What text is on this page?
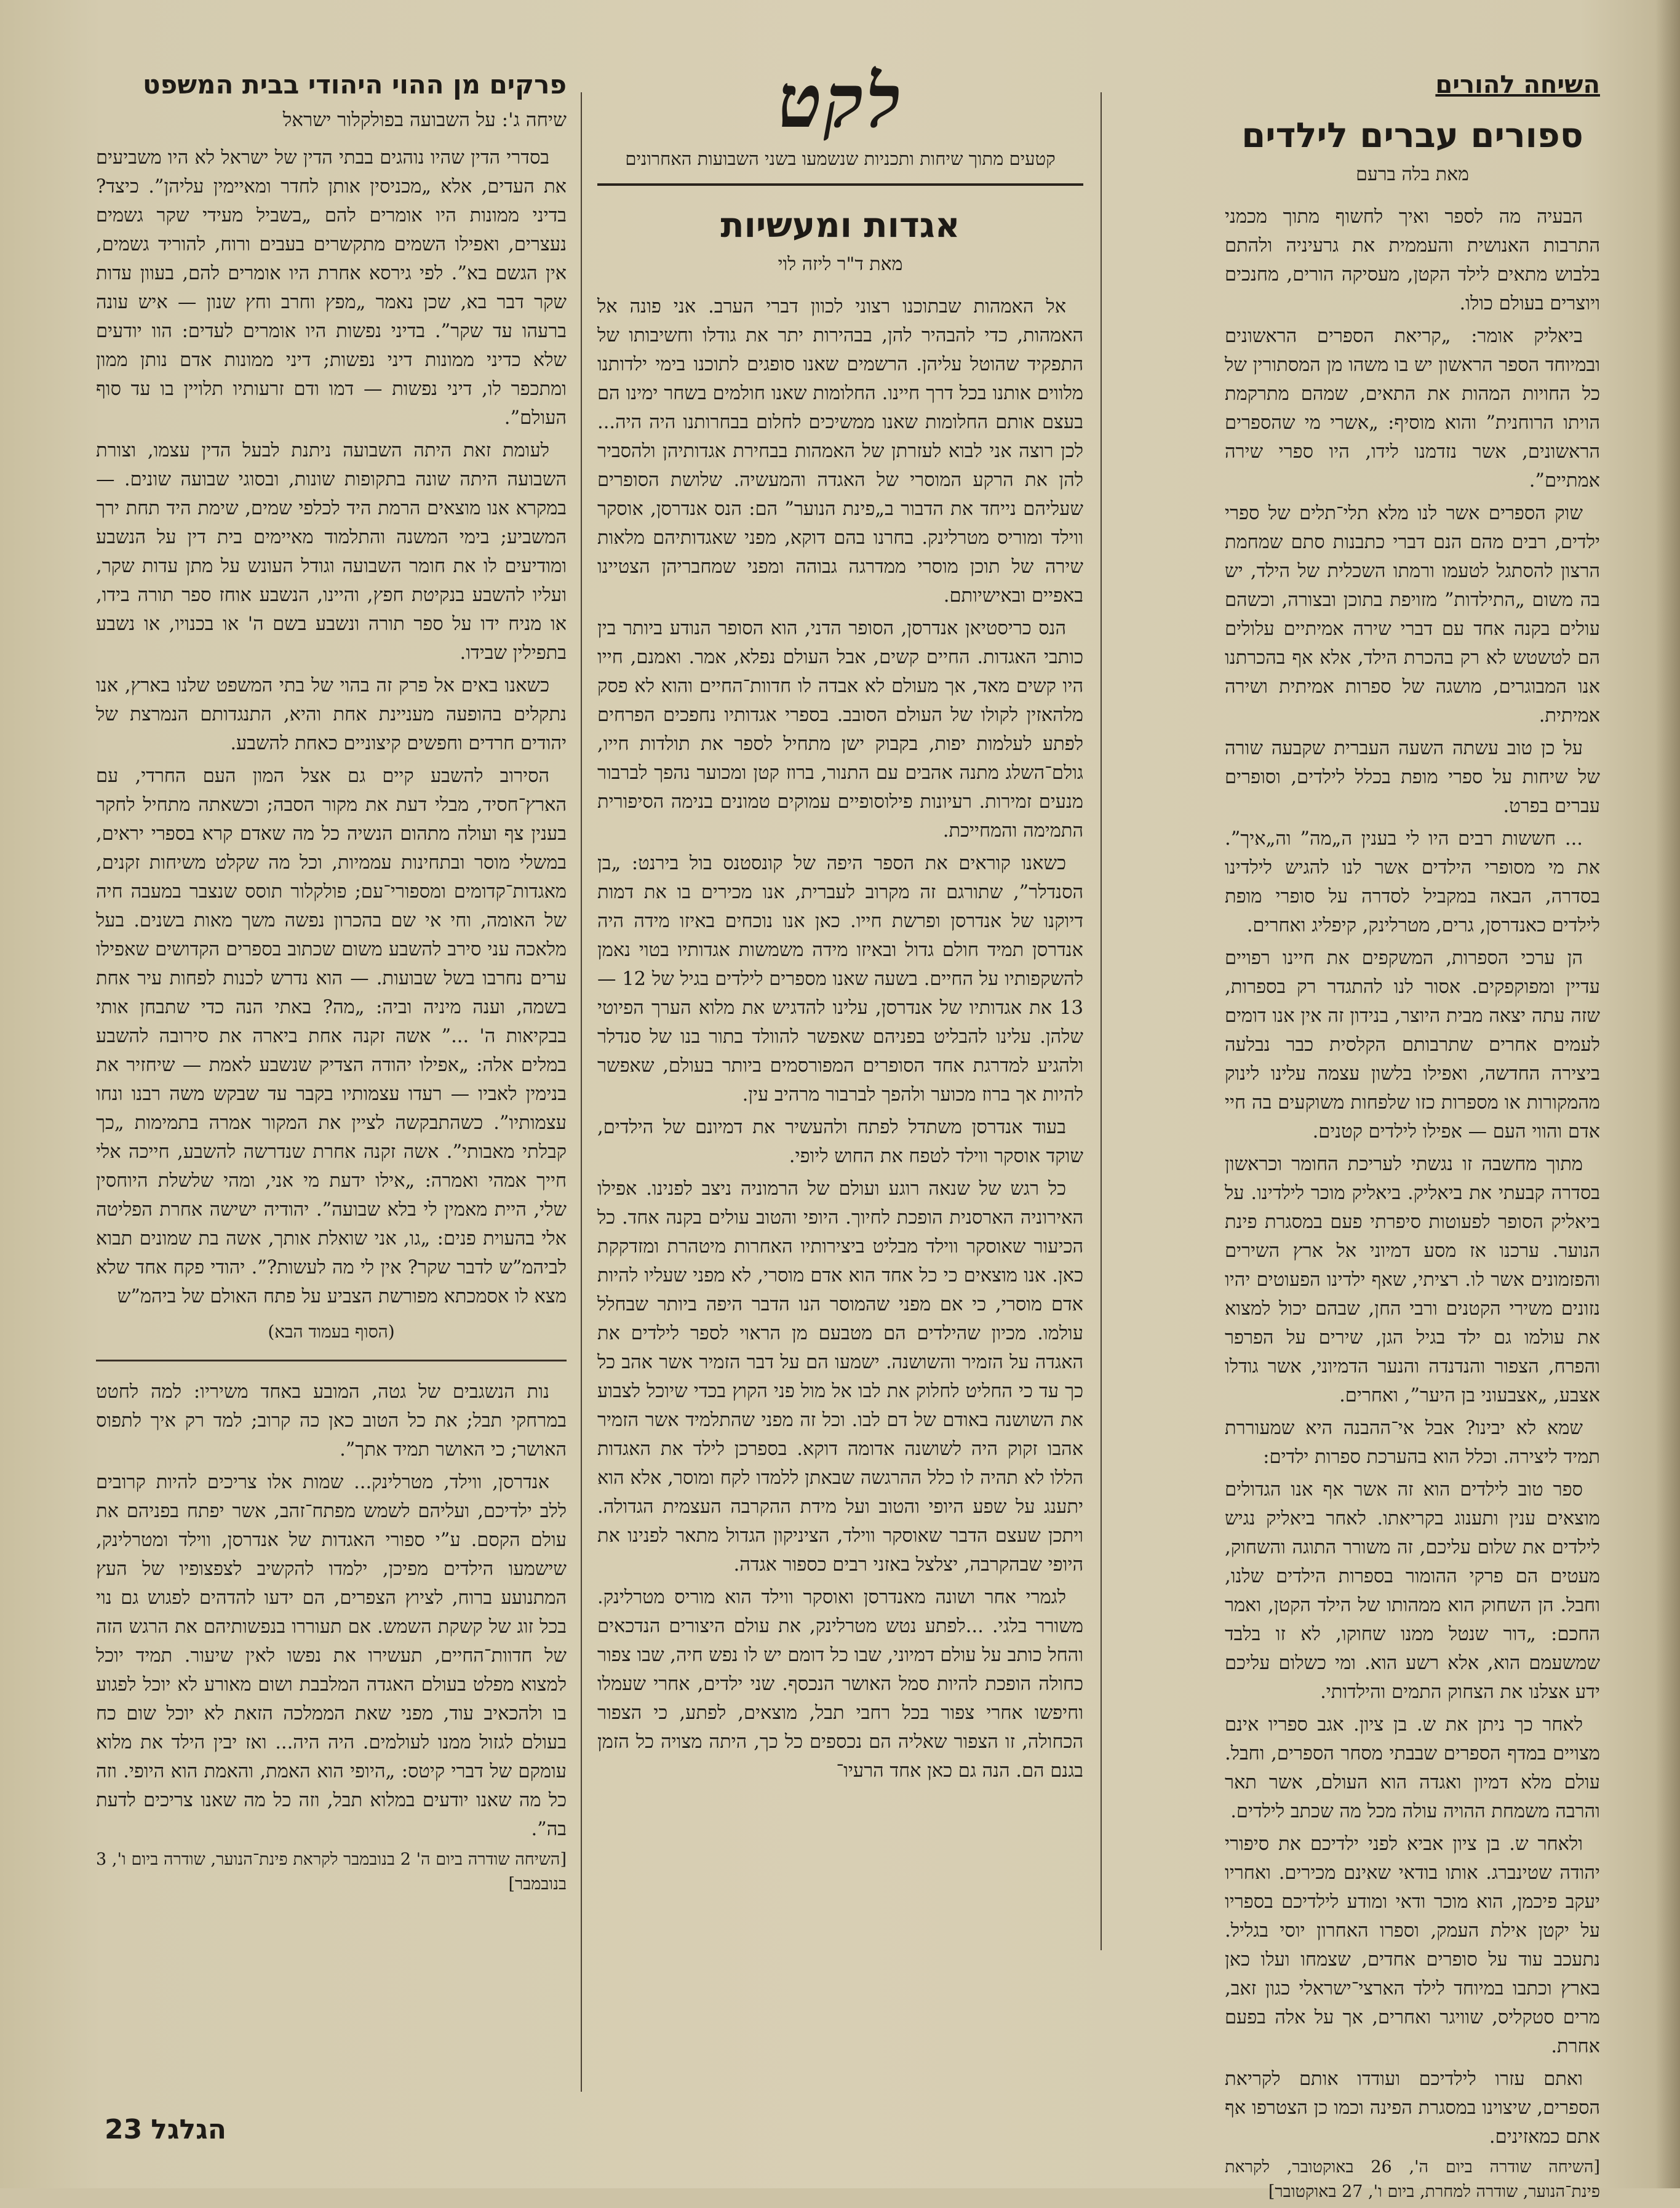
השיחה להורים
ספורים עברים לילדים
מאת בלה ברעם

הבעיה מה לספר ואיך לחשוף מתוך מכמני התרבות האנושית והעממית את גרעיניה ולהתם בלבוש מתאים לילד הקטן, מעסיקה הורים, מחנכים ויוצרים בעולם כולו.

ביאליק אומר: „קריאת הספרים הראשונים ובמיוחד הספר הראשון יש בו משהו מן המסתורין של כל החויות המהות את התאים, שמהם מתרקמת הויתו הרוחנית” והוא מוסיף: „אשרי מי שהספרים הראשונים, אשר נזדמנו לידו, היו ספרי שירה אמתיים”.

שוק הספרים אשר לנו מלא תלי־תלים של ספרי ילדים, רבים מהם הנם דברי כתבנות סתם שמחמת הרצון להסתגל לטעמו ורמתו השכלית של הילד, יש בה משום „התילדות” מזויפת בתוכן ובצורה, וכשהם עולים בקנה אחד עם דברי שירה אמיתיים עלולים הם לטשטש לא רק בהכרת הילד, אלא אף בהכרתנו אנו המבוגרים, מושגה של ספרות אמיתית ושירה אמיתית.

על כן טוב עשתה השעה העברית שקבעה שורה של שיחות על ספרי מופת בכלל לילדים, וסופרים עברים בפרט.

... חששות רבים היו לי בענין ה„מה” וה„איך”. את מי מסופרי הילדים אשר לנו להגיש לילדינו בסדרה, הבאה במקביל לסדרה על סופרי מופת לילדים כאנדרסן, גרים, מטרלינק, קיפליג ואחרים.

הן ערכי הספרות, המשקפים את חיינו רפויים עדיין ומפוקפקים. אסור לנו להתגדר רק בספרות, שזה עתה יצאה מבית היוצר, בנידון זה אין אנו דומים לעמים אחרים שתרבותם הקלסית כבר נבלעה ביצירה החדשה, ואפילו בלשון עצמה עלינו לינוק מהמקורות או מספרות כזו שלפחות משוקעים בה חיי אדם והווי העם — אפילו לילדים קטנים.

מתוך מחשבה זו נגשתי לעריכת החומר וכראשון בסדרה קבעתי את ביאליק. ביאליק מוכר לילדינו. על ביאליק הסופר לפעוטות סיפרתי פעם במסגרת פינת הנוער. ערכנו אז מסע דמיוני אל ארץ השירים והפזמונים אשר לו. רציתי, שאף ילדינו הפעוטים יהיו נזונים משירי הקטנים ורבי החן, שבהם יכול למצוא את עולמו גם ילד בגיל הגן, שירים על הפרפר והפרח, הצפור והנדנדה והנער הדמיוני, אשר גודלו אצבע, „אצבעוני בן היער”, ואחרים.

שמא לא יבינו? אבל אי־ההבנה היא שמעוררת תמיד ליצירה. וכלל הוא בהערכת ספרות ילדים:

ספר טוב לילדים הוא זה אשר אף אנו הגדולים מוצאים ענין ותענוג בקריאתו. לאחר ביאליק נגיש לילדים את שלום עליכם, זה משורר התוגה והשחוק, מעטים הם פרקי ההומור בספרות הילדים שלנו, וחבל. הן השחוק הוא ממהותו של הילד הקטן, ואמר החכם: „דור שנטל ממנו שחוקו, לא זו בלבד שמשעמם הוא, אלא רשע הוא. ומי כשלום עליכם ידע אצלנו את הצחוק התמים והילדותי.

לאחר כך ניתן את ש. בן ציון. אגב ספריו אינם מצויים במדף הספרים שבבתי מסחר הספרים, וחבל. עולם מלא דמיון ואגדה הוא העולם, אשר תאר והרבה משמחת ההויה עולה מכל מה שכתב לילדים.

ולאחר ש. בן ציון אביא לפני ילדיכם את סיפורי יהודה שטינברג. אותו בודאי שאינם מכירים. ואחריו יעקב פיכמן, הוא מוכר ודאי ומודע לילדיכם בספריו על יקטן אילת העמק, וספרו האחרון יוסי בגליל. נתעכב עוד על סופרים אחדים, שצמחו ועלו כאן בארץ וכתבו במיוחד לילד הארצי־ישראלי כגון זאב, מרים סטקליס, שוויגר ואחרים, אך על אלה בפעם אחרת.

ואתם עזרו לילדיכם ועודדו אותם לקריאת הספרים, שיצוינו במסגרת הפינה וכמו כן הצטרפו אף אתם כמאזינים.

[השיחה שודרה ביום ה', 26 באוקטובר, לקראת פינת־הנוער, שודרה למחרת, ביום ו', 27 באוקטובר]

לקט
קטעים מתוך שיחות ותכניות שנשמעו בשני השבועות האחרונים
אגדות ומעשיות
מאת ד"ר ליזה לוי

אל האמהות שבתוכנו רצוני לכוון דברי הערב. אני פונה אל האמהות, כדי להבהיר להן, בבהירות יתר את גודלו וחשיבותו של התפקיד שהוטל עליהן. הרשמים שאנו סופגים לתוכנו בימי ילדותנו מלווים אותנו בכל דרך חיינו. החלומות שאנו חולמים בשחר ימינו הם בעצם אותם החלומות שאנו ממשיכים לחלום בבחרותנו היה היה... לכן רוצה אני לבוא לעזרתן של האמהות בבחירת אגדותיהן ולהסביר להן את הרקע המוסרי של האגדה והמעשיה. שלושת הסופרים שעליהם נייחד את הדבור ב„פינת הנוער” הם: הנס אנדרסן, אוסקר ווילד ומוריס מטרלינק. בחרנו בהם דוקא, מפני שאגדותיהם מלאות שירה של תוכן מוסרי ממדרגה גבוהה ומפני שמחבריהן הצטיינו באפיים ובאישיותם.

הנס כריסטיאן אנדרסן, הסופר הדני, הוא הסופר הנודע ביותר בין כותבי האגדות. החיים קשים, אבל העולם נפלא, אמר. ואמנם, חייו היו קשים מאד, אך מעולם לא אבדה לו חדוות־החיים והוא לא פסק מלהאזין לקולו של העולם הסובב. בספרי אגדותיו נחפכים הפרחים לפתע לעלמות יפות, בקבוק ישן מתחיל לספר את תולדות חייו, גולם־השלג מתנה אהבים עם התנור, ברוז קטן ומכוער נהפך לברבור מנעים זמירות. רעיונות פילוסופיים עמוקים טמונים בנימה הסיפורית התמימה והמחייכת.

כשאנו קוראים את הספר היפה של קונסטנס בול בירנט: „בן הסנדלר”, שתורגם זה מקרוב לעברית, אנו מכירים בו את דמות דיוקנו של אנדרסן ופרשת חייו. כאן אנו נוכחים באיזו מידה היה אנדרסן תמיד חולם גדול ובאיזו מידה משמשות אגדותיו בטוי נאמן להשקפותיו על החיים. בשעה שאנו מספרים לילדים בגיל של 12 — 13 את אגדותיו של אנדרסן, עלינו להדגיש את מלוא הערך הפיוטי שלהן. עלינו להבליט בפניהם שאפשר להוולד בתור בנו של סנדלר ולהגיע למדרגת אחד הסופרים המפורסמים ביותר בעולם, שאפשר להיות אך ברוז מכוער ולהפך לברבור מרהיב עין.

בעוד אנדרסן משתדל לפתח ולהעשיר את דמיונם של הילדים, שוקד אוסקר ווילד לטפח את החוש ליופי.

כל רגש של שנאה רוגע ועולם של הרמוניה ניצב לפנינו. אפילו האירוניה הארסנית הופכת לחיוך. היופי והטוב עולים בקנה אחד. כל הכיעור שאוסקר ווילד מבליט ביצירותיו האחרות מיטהרת ומזדקקת כאן. אנו מוצאים כי כל אחד הוא אדם מוסרי, לא מפני שעליו להיות אדם מוסרי, כי אם מפני שהמוסר הנו הדבר היפה ביותר שבחלל עולמו. מכיון שהילדים הם מטבעם מן הראוי לספר לילדים את האגדה על הזמיר והשושנה. ישמעו הם על דבר הזמיר אשר אהב כל כך עד כי החליט לחלוק את לבו אל מול פני הקוץ בכדי שיוכל לצבוע את השושנה באודם של דם לבו. וכל זה מפני שהתלמיד אשר הזמיר אהבו זקוק היה לשושנה אדומה דוקא. בספרכן לילד את האגדות הללו לא תהיה לו כלל ההרגשה שבאתן ללמדו לקח ומוסר, אלא הוא יתענג על שפע היופי והטוב ועל מידת ההקרבה העצמית הגדולה. ויתכן שעצם הדבר שאוסקר ווילד, הציניקון הגדול מתאר לפנינו את היופי שבהקרבה, יצלצל באזני רבים כספור אגדה.

לגמרי אחר ושונה מאנדרסן ואוסקר ווילד הוא מוריס מטרלינק. משורר בלגי. ...לפתע נטש מטרלינק, את עולם היצורים הנדכאים והחל כותב על עולם דמיוני, שבו כל דומם יש לו נפש חיה, שבו צפור כחולה הופכת להיות סמל האושר הנכסף. שני ילדים, אחרי שעמלו וחיפשו אחרי צפור בכל רחבי תבל, מוצאים, לפתע, כי הצפור הכחולה, זו הצפור שאליה הם נכספים כל כך, היתה מצויה כל הזמן בגנם הם. הנה גם כאן אחד הרעיו־

פרקים מן ההוי היהודי בבית המשפט
שיחה ג': על השבועה בפולקלור ישראל

בסדרי הדין שהיו נוהגים בבתי הדין של ישראל לא היו משביעים את העדים, אלא „מכניסין אותן לחדר ומאיימין עליהן”. כיצד? בדיני ממונות היו אומרים להם „בשביל מעידי שקר גשמים נעצרים, ואפילו השמים מתקשרים בעבים ורוח, להוריד גשמים, אין הגשם בא”. לפי גירסא אחרת היו אומרים להם, בעוון עדות שקר דבר בא, שכן נאמר „מפץ וחרב וחץ שנון — איש עונה ברעהו עד שקר”. בדיני נפשות היו אומרים לעדים: הוו יודעים שלא כדיני ממונות דיני נפשות; דיני ממונות אדם נותן ממון ומתכפר לו, דיני נפשות — דמו ודם זרעותיו תלויין בו עד סוף העולם”.

לעומת זאת היתה השבועה ניתנת לבעל הדין עצמו, וצורת השבועה היתה שונה בתקופות שונות, ובסוגי שבועה שונים. — במקרא אנו מוצאים הרמת היד לכלפי שמים, שימת היד תחת ירך המשביע; בימי המשנה והתלמוד מאיימים בית דין על הנשבע ומודיעים לו את חומר השבועה וגודל העונש על מתן עדות שקר, ועליו להשבע בנקיטת חפץ, והיינו, הנשבע אוחז ספר תורה בידו, או מניח ידו על ספר תורה ונשבע בשם ה' או בכנויו, או נשבע בתפילין שבידו.

כשאנו באים אל פרק זה בהוי של בתי המשפט שלנו בארץ, אנו נתקלים בהופעה מעניינת אחת והיא, התנגדותם הנמרצת של יהודים חרדים וחפשים קיצוניים כאחת להשבע.

הסירוב להשבע קיים גם אצל המון העם החרדי, עם הארץ־חסיד, מבלי דעת את מקור הסבה; וכשאתה מתחיל לחקר בענין צף ועולה מתהום הנשיה כל מה שאדם קרא בספרי יראים, במשלי מוסר ובתחינות עממיות, וכל מה שקלט משיחות זקנים, מאגדות־קדומים ומספורי־עם; פולקלור תוסס שנצבר במעבה חיה של האומה, וחי אי שם בהכרון נפשה משך מאות בשנים. בעל מלאכה עני סירב להשבע משום שכתוב בספרים הקדושים שאפילו ערים נחרבו בשל שבועות. — הוא נדרש לכנות לפחות עיר אחת בשמה, וענה מיניה וביה: „מה? באתי הנה כדי שתבחן אותי בבקיאות ה' ...” אשה זקנה אחת ביארה את סירובה להשבע במלים אלה: „אפילו יהודה הצדיק שנשבע לאמת — שיחזיר את בנימין לאביו — רעדו עצמותיו בקבר עד שבקש משה רבנו ונחו עצמותיו”. כשהתבקשה לציין את המקור אמרה בתמימות „כך קבלתי מאבותי”. אשה זקנה אחרת שנדרשה להשבע, חייכה אלי חייך אמהי ואמרה: „אילו ידעת מי אני, ומהי שלשלת היוחסין שלי, היית מאמין לי בלא שבועה”. יהודיה ישישה אחרת הפליטה אלי בהעוית פנים: „גו, אני שואלת אותך, אשה בת שמונים תבוא לביהמ”ש לדבר שקר? אין לי מה לעשות?”. יהודי פקח אחד שלא מצא לו אסמכתא מפורשת הצביע על פתח האולם של ביהמ”ש

(הסוף בעמוד הבא)

נות הנשגבים של גטה, המובע באחד משיריו: למה לחטט במרחקי תבל; את כל הטוב כאן כה קרוב; למד רק איך לתפוס האושר; כי האושר תמיד אתך”.

אנדרסן, ווילד, מטרלינק... שמות אלו צריכים להיות קרובים ללב ילדיכם, ועליהם לשמש מפתח־זהב, אשר יפתח בפניהם את עולם הקסם. ע”י ספורי האגדות של אנדרסן, ווילד ומטרלינק, שישמעו הילדים מפיכן, ילמדו להקשיב לצפצופיו של העץ המתנועע ברוח, לציוץ הצפרים, הם ידעו להדהים לפגוש גם נוי בכל זוג של קשקת השמש. אם תעוררו בנפשותיהם את הרגש הזה של חדוות־החיים, תעשירו את נפשו לאין שיעור. תמיד יוכל למצוא מפלט בעולם האגדה המלבבת ושום מאורע לא יוכל לפגוע בו ולהכאיב עוד, מפני שאת הממלכה הזאת לא יוכל שום כח בעולם לגזול ממנו לעולמים. היה היה... ואז יבין הילד את מלוא עומקם של דברי קיטס: „היופי הוא האמת, והאמת הוא היופי. וזה כל מה שאנו יודעים במלוא תבל, וזה כל מה שאנו צריכים לדעת בה”.

[השיחה שודרה ביום ה' 2 בנובמבר לקראת פינת־הנוער, שודרה ביום ו', 3 בנובמבר]

23 הגלגל
